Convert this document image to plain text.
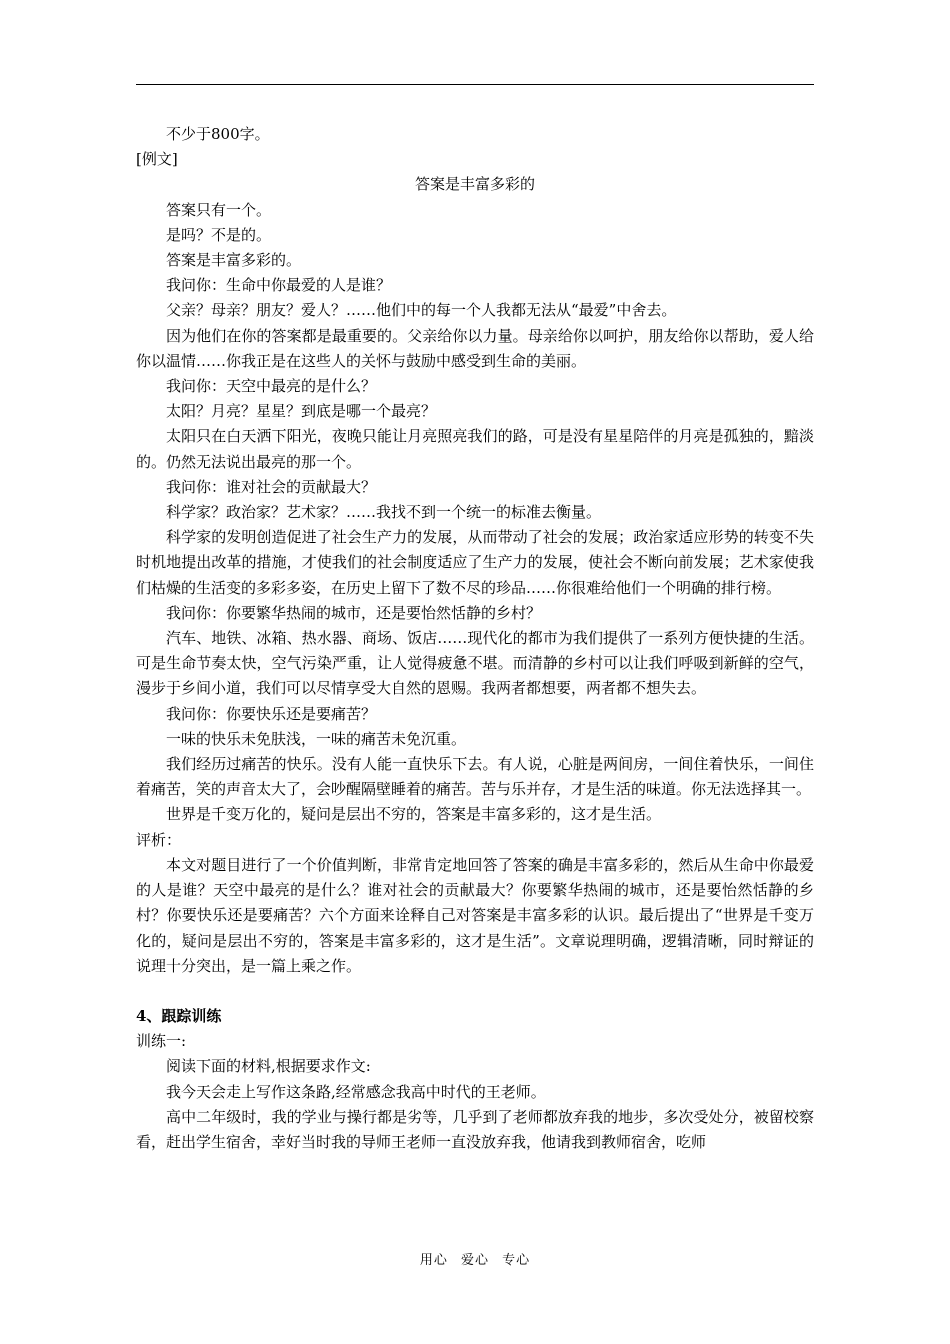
不少于800字。

[例文]

答案是丰富多彩的

答案只有一个。

是吗？不是的。

答案是丰富多彩的。

我问你：生命中你最爱的人是谁？

父亲？母亲？朋友？爱人？……他们中的每一个人我都无法从“最爱”中舍去。

因为他们在你的答案都是最重要的。父亲给你以力量。母亲给你以呵护，朋友给你以帮助，爱人给你以温情……你我正是在这些人的关怀与鼓励中感受到生命的美丽。

我问你：天空中最亮的是什么？

太阳？月亮？星星？到底是哪一个最亮？

太阳只在白天洒下阳光，夜晚只能让月亮照亮我们的路，可是没有星星陪伴的月亮是孤独的，黯淡的。仍然无法说出最亮的那一个。

我问你：谁对社会的贡献最大？

科学家？政治家？艺术家？……我找不到一个统一的标准去衡量。

科学家的发明创造促进了社会生产力的发展，从而带动了社会的发展；政治家适应形势的转变不失时机地提出改革的措施，才使我们的社会制度适应了生产力的发展，使社会不断向前发展；艺术家使我们枯燥的生活变的多彩多姿，在历史上留下了数不尽的珍品……你很难给他们一个明确的排行榜。

我问你：你要繁华热闹的城市，还是要怡然恬静的乡村？

汽车、地铁、冰箱、热水器、商场、饭店……现代化的都市为我们提供了一系列方便快捷的生活。可是生命节奏太快，空气污染严重，让人觉得疲惫不堪。而清静的乡村可以让我们呼吸到新鲜的空气，漫步于乡间小道，我们可以尽情享受大自然的恩赐。我两者都想要，两者都不想失去。

我问你：你要快乐还是要痛苦？

一味的快乐未免肤浅，一味的痛苦未免沉重。

我们经历过痛苦的快乐。没有人能一直快乐下去。有人说，心脏是两间房，一间住着快乐，一间住着痛苦，笑的声音太大了，会吵醒隔壁睡着的痛苦。苦与乐并存，才是生活的味道。你无法选择其一。

世界是千变万化的，疑问是层出不穷的，答案是丰富多彩的，这才是生活。

评析：

本文对题目进行了一个价值判断，非常肯定地回答了答案的确是丰富多彩的，然后从生命中你最爱的人是谁？天空中最亮的是什么？谁对社会的贡献最大？你要繁华热闹的城市，还是要怡然恬静的乡村？你要快乐还是要痛苦？六个方面来诠释自己对答案是丰富多彩的认识。最后提出了“世界是千变万化的，疑问是层出不穷的，答案是丰富多彩的，这才是生活”。文章说理明确，逻辑清晰，同时辩证的说理十分突出，是一篇上乘之作。

4、跟踪训练

训练一:

阅读下面的材料,根据要求作文:

我今天会走上写作这条路,经常感念我高中时代的王老师。

高中二年级时，我的学业与操行都是劣等，几乎到了老师都放弃我的地步，多次受处分，被留校察看，赶出学生宿舍，幸好当时我的导师王老师一直没放弃我，他请我到教师宿舍，吃师

用心 爱心 专心
